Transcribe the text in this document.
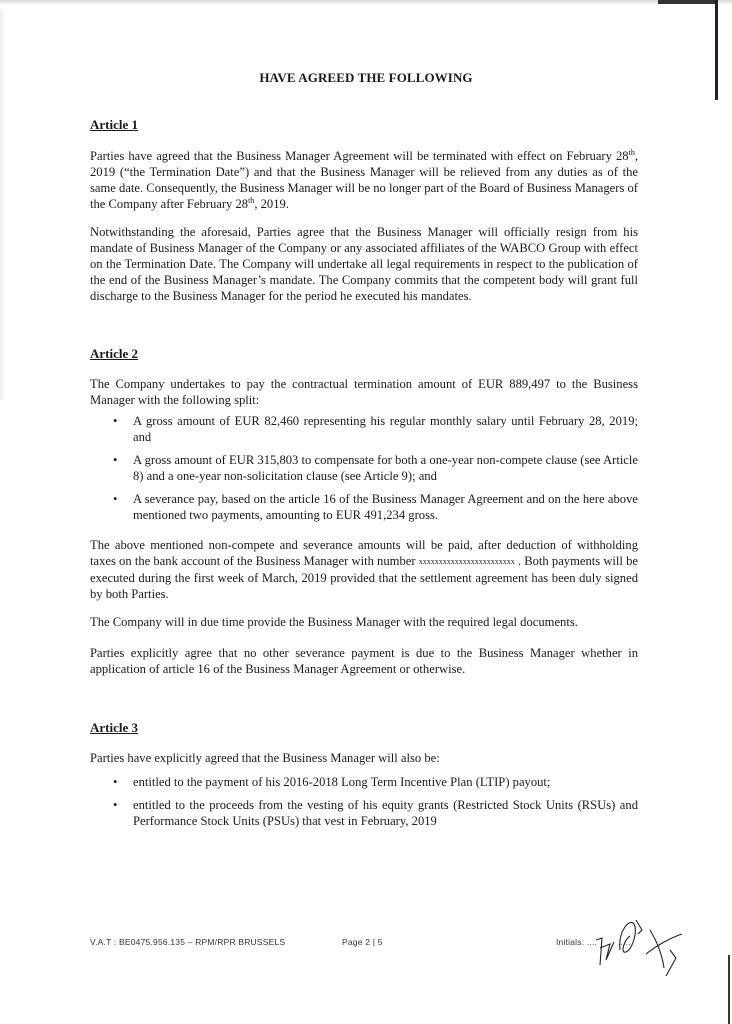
HAVE AGREED THE FOLLOWING
Article 1

Parties have agreed that the Business Manager Agreement will be terminated with effect on February 28th, 2019 (“the Termination Date”) and that the Business Manager will be relieved from any duties as of the same date. Consequently, the Business Manager will be no longer part of the Board of Business Managers of the Company after February 28th, 2019.

Notwithstanding the aforesaid, Parties agree that the Business Manager will officially resign from his mandate of Business Manager of the Company or any associated affiliates of the WABCO Group with effect on the Termination Date. The Company will undertake all legal requirements in respect to the publication of the end of the Business Manager’s mandate. The Company commits that the competent body will grant full discharge to the Business Manager for the period he executed his mandates.

Article 2

The Company undertakes to pay the contractual termination amount of EUR 889,497 to the Business Manager with the following split:

• A gross amount of EUR 82,460 representing his regular monthly salary until February 28, 2019; and
• A gross amount of EUR 315,803 to compensate for both a one-year non-compete clause (see Article 8) and a one-year non-solicitation clause (see Article 9); and
• A severance pay, based on the article 16 of the Business Manager Agreement and on the here above mentioned two payments, amounting to EUR 491,234 gross.

The above mentioned non-compete and severance amounts will be paid, after deduction of withholding taxes on the bank account of the Business Manager with number xxxxxxxxxxxxxxxxxxxxxxxx . Both payments will be executed during the first week of March, 2019 provided that the settlement agreement has been duly signed by both Parties.

The Company will in due time provide the Business Manager with the required legal documents.

Parties explicitly agree that no other severance payment is due to the Business Manager whether in application of article 16 of the Business Manager Agreement or otherwise.

Article 3

Parties have explicitly agreed that the Business Manager will also be:

• entitled to the payment of his 2016-2018 Long Term Incentive Plan (LTIP) payout;
• entitled to the proceeds from the vesting of his equity grants (Restricted Stock Units (RSUs) and Performance Stock Units (PSUs) that vest in February, 2019
V.A.T : BE0475.956.135 – RPM/RPR BRUSSELS	Page 2 | 5	Initials: .... .....
